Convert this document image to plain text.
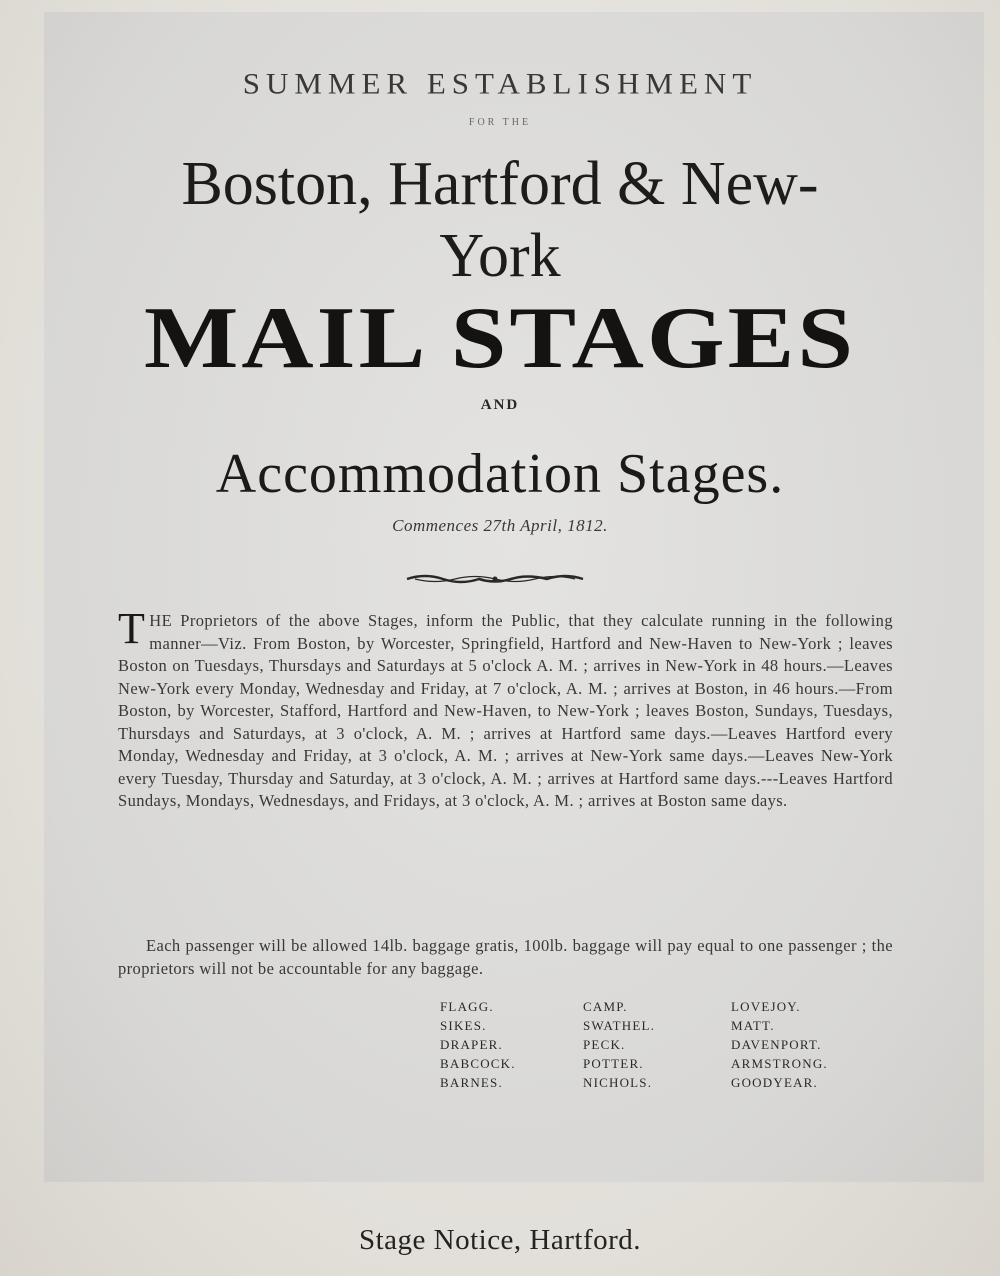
SUMMER ESTABLISHMENT
FOR THE
Boston, Hartford & New-
York
MAIL STAGES
AND
Accommodation Stages.
Commences 27th April, 1812.
THE Proprietors of the above Stages, inform the Public, that they calculate running in the following manner—Viz. From Boston, by Worcester, Springfield, Hartford and New-Haven to New-York ; leaves Boston on Tuesdays, Thursdays and Saturdays at 5 o'clock A. M. ; arrives in New-York in 48 hours.—Leaves New-York every Monday, Wednesday and Friday, at 7 o'clock, A. M. ; arrives at Boston, in 46 hours.—From Boston, by Worcester, Stafford, Hartford and New-Haven, to New-York ; leaves Boston, Sundays, Tuesdays, Thursdays and Saturdays, at 3 o'clock, A. M. ; arrives at Hartford same days.—Leaves Hartford every Monday, Wednesday and Friday, at 3 o'clock, A. M. ; arrives at New-York same days.—Leaves New-York every Tuesday, Thursday and Saturday, at 3 o'clock, A. M. ; arrives at Hartford same days.---Leaves Hartford Sundays, Mondays, Wednesdays, and Fridays, at 3 o'clock, A. M. ; arrives at Boston same days.
Each passenger will be allowed 14lb. baggage gratis, 100lb. baggage will pay equal to one passenger ; the proprietors will not be accountable for any baggage.
FLAGG.
SIKES.
DRAPER.
BABCOCK.
BARNES.
CAMP.
SWATHEL.
PECK.
POTTER.
NICHOLS.
LOVEJOY.
MATT.
DAVENPORT.
ARMSTRONG.
GOODYEAR.
Stage Notice, Hartford.
